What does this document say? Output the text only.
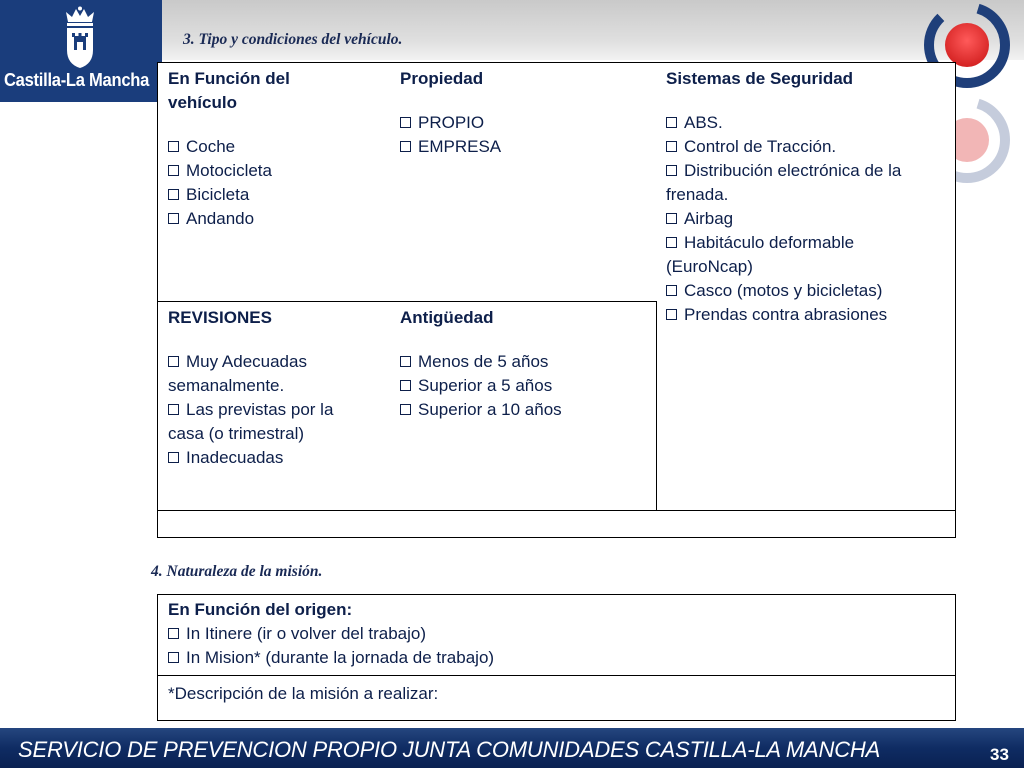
Castilla-La Mancha
3. Tipo y condiciones del vehículo.
En Función del
vehículo
Coche
Motocicleta
Bicicleta
Andando
Propiedad
PROPIO
EMPRESA
Sistemas de Seguridad
ABS.
Control de Tracción.
Distribución electrónica de la
frenada.
Airbag
Habitáculo deformable
(EuroNcap)
Casco (motos y bicicletas)
Prendas contra abrasiones
REVISIONES
Muy Adecuadas
semanalmente.
Las previstas por la
casa (o trimestral)
Inadecuadas
Antigüedad
Menos de 5 años
Superior a 5 años
Superior a 10 años
4. Naturaleza de la misión.
En Función del origen:
In Itinere (ir o volver del trabajo)
In Mision* (durante la jornada de trabajo)
*Descripción de la misión a realizar:
SERVICIO DE PREVENCION PROPIO JUNTA COMUNIDADES CASTILLA-LA MANCHA	33
